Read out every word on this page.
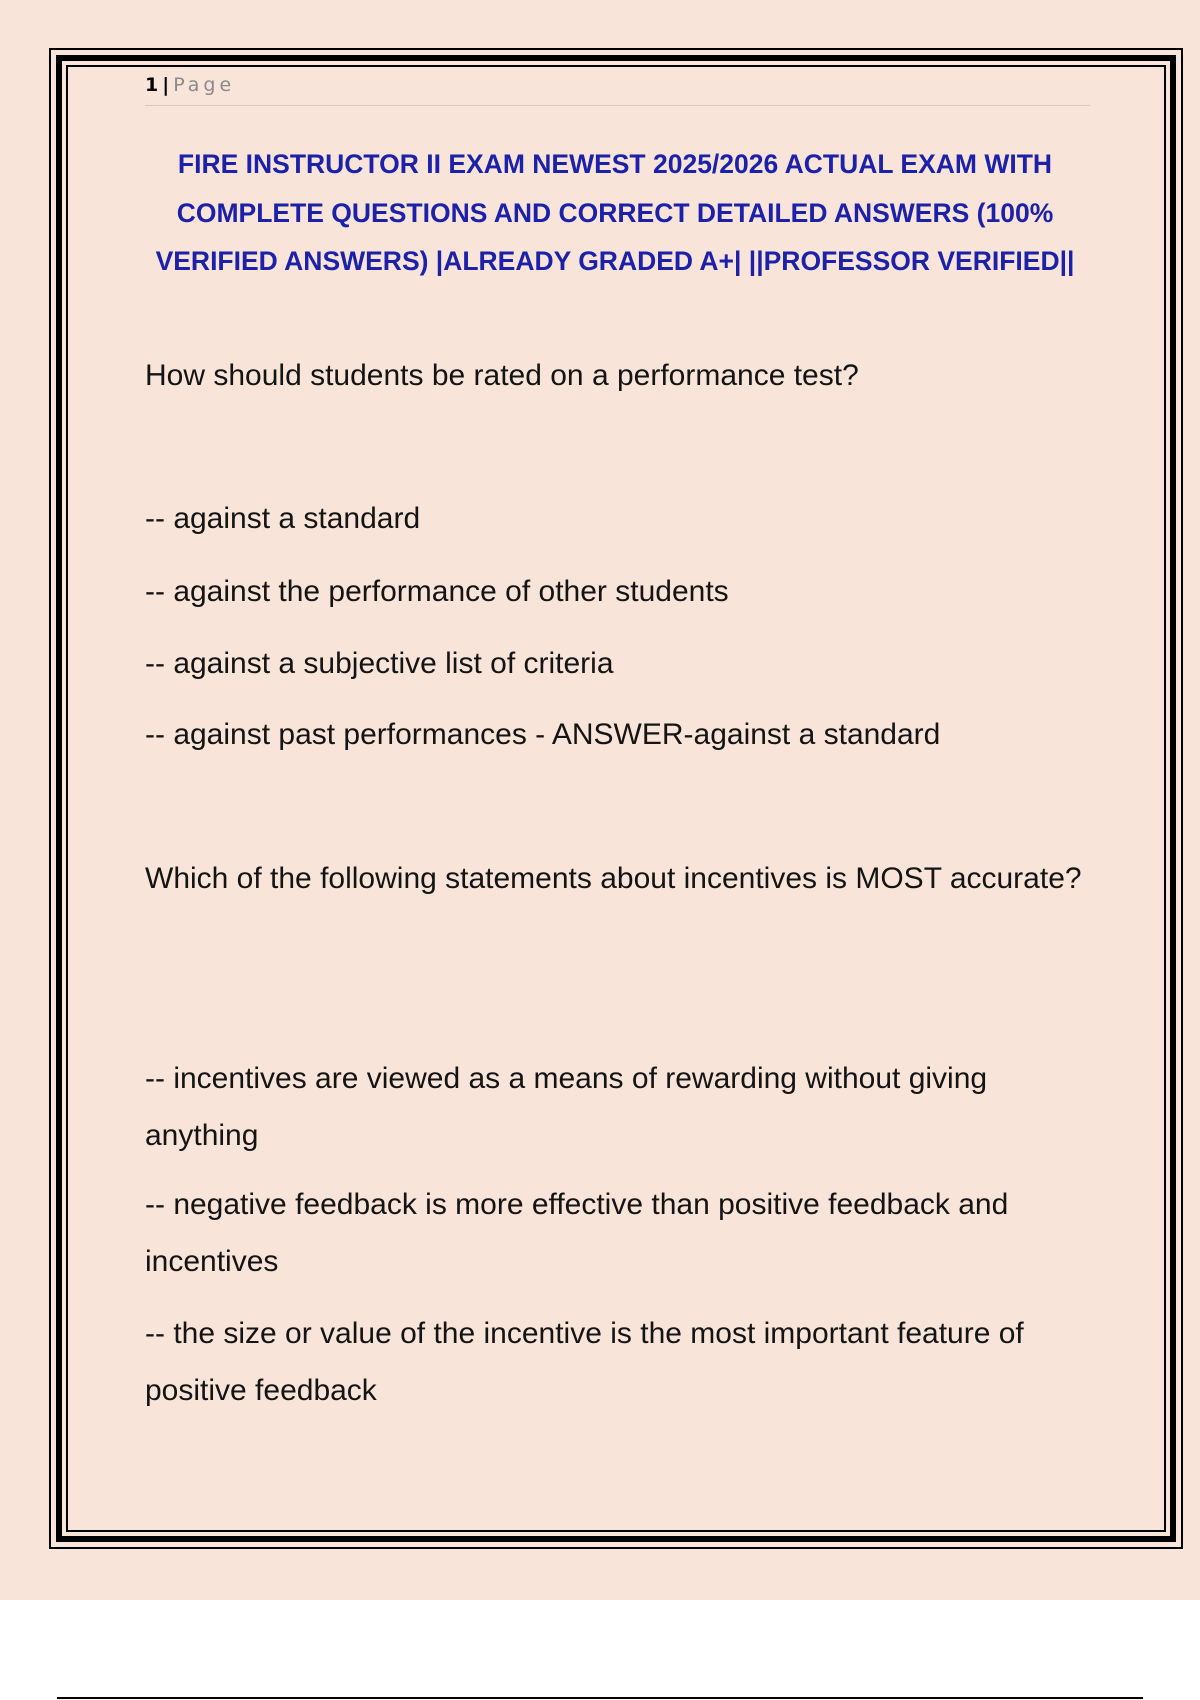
1 | Page
FIRE INSTRUCTOR II EXAM NEWEST 2025/2026 ACTUAL EXAM WITH COMPLETE QUESTIONS AND CORRECT DETAILED ANSWERS (100% VERIFIED ANSWERS) |ALREADY GRADED A+| ||PROFESSOR VERIFIED||

How should students be rated on a performance test?

-- against a standard

-- against the performance of other students

-- against a subjective list of criteria

-- against past performances - ANSWER-against a standard

Which of the following statements about incentives is MOST accurate?

-- incentives are viewed as a means of rewarding without giving anything

-- negative feedback is more effective than positive feedback and incentives

-- the size or value of the incentive is the most important feature of positive feedback
